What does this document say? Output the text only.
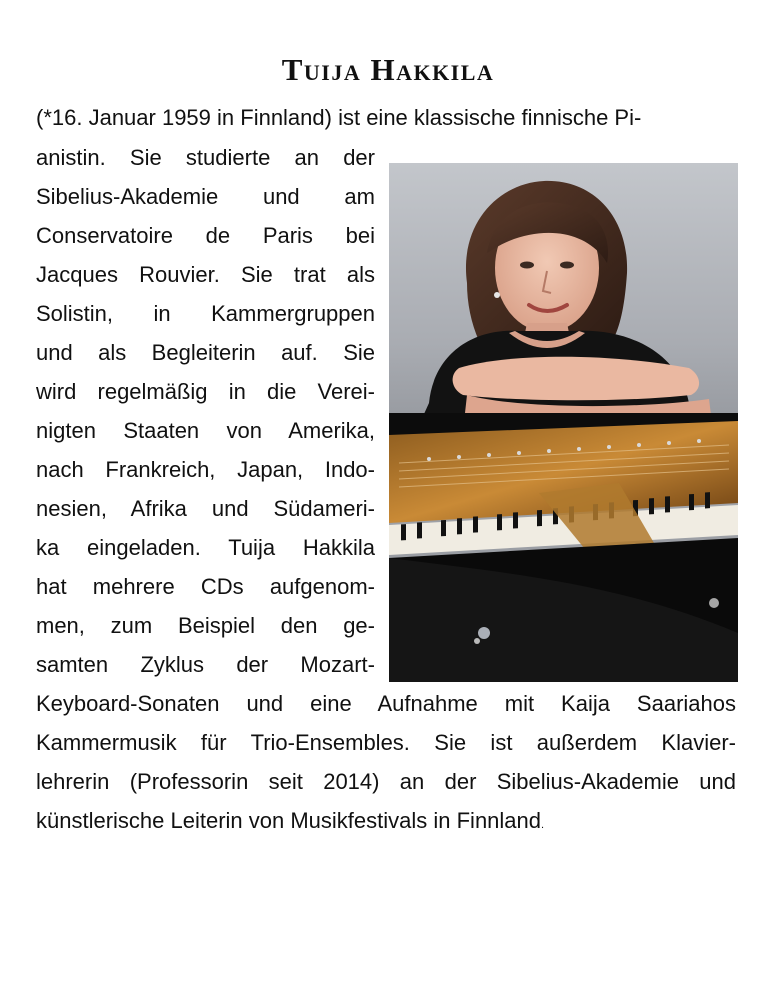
Tuija Hakkila
(*16. Januar 1959 in Finnland) ist eine klassische finnische Pi-
anistin. Sie studierte an der
Sibelius-Akademie und am
Conservatoire de Paris bei
Jacques Rouvier. Sie trat als
Solistin, in Kammergruppen
und als Begleiterin auf. Sie
wird regelmäßig in die Verei-
nigten Staaten von Amerika,
nach Frankreich, Japan, Indo-
nesien, Afrika und Südameri-
ka eingeladen. Tuija Hakkila
hat mehrere CDs aufgenom-
men, zum Beispiel den ge-
samten Zyklus der Mozart-
Keyboard-Sonaten und eine Aufnahme mit Kaija Saariahos
Kammermusik für Trio-Ensembles. Sie ist außerdem Klavier-
lehrerin (Professorin seit 2014) an der Sibelius-Akademie und
künstlerische Leiterin von Musikfestivals in Finnland.
